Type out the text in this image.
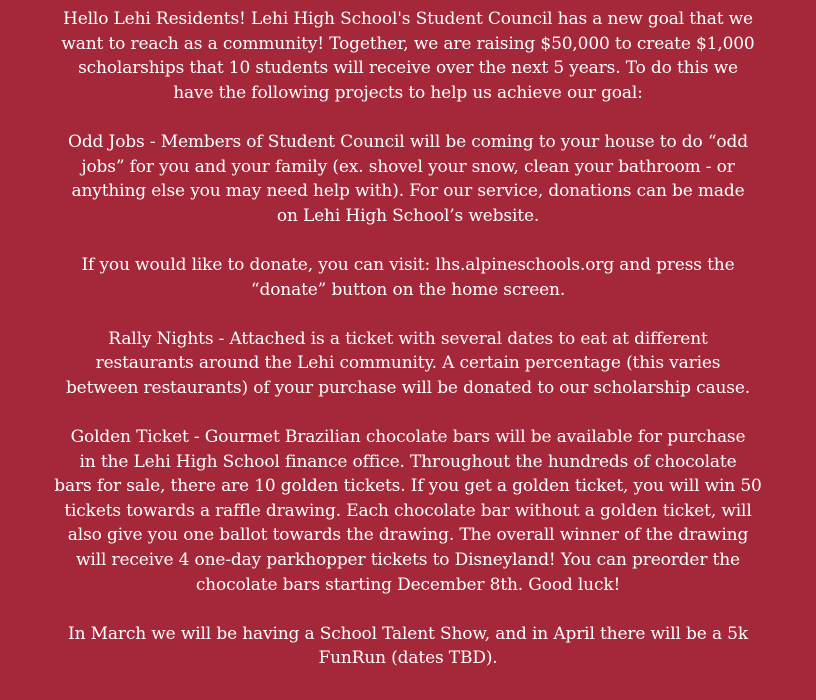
Hello Lehi Residents! Lehi High School's Student Council has a new goal that we
want to reach as a community! Together, we are raising $50,000 to create $1,000
scholarships that 10 students will receive over the next 5 years. To do this we
have the following projects to help us achieve our goal:

Odd Jobs - Members of Student Council will be coming to your house to do “odd
jobs” for you and your family (ex. shovel your snow, clean your bathroom - or
anything else you may need help with). For our service, donations can be made
on Lehi High School’s website.

If you would like to donate, you can visit: lhs.alpineschools.org and press the
“donate” button on the home screen.

Rally Nights - Attached is a ticket with several dates to eat at different
restaurants around the Lehi community. A certain percentage (this varies
between restaurants) of your purchase will be donated to our scholarship cause.

Golden Ticket - Gourmet Brazilian chocolate bars will be available for purchase
in the Lehi High School finance office. Throughout the hundreds of chocolate
bars for sale, there are 10 golden tickets. If you get a golden ticket, you will win 50
tickets towards a raffle drawing. Each chocolate bar without a golden ticket, will
also give you one ballot towards the drawing. The overall winner of the drawing
will receive 4 one-day parkhopper tickets to Disneyland! You can preorder the
chocolate bars starting December 8th. Good luck!

In March we will be having a School Talent Show, and in April there will be a 5k
FunRun (dates TBD).
